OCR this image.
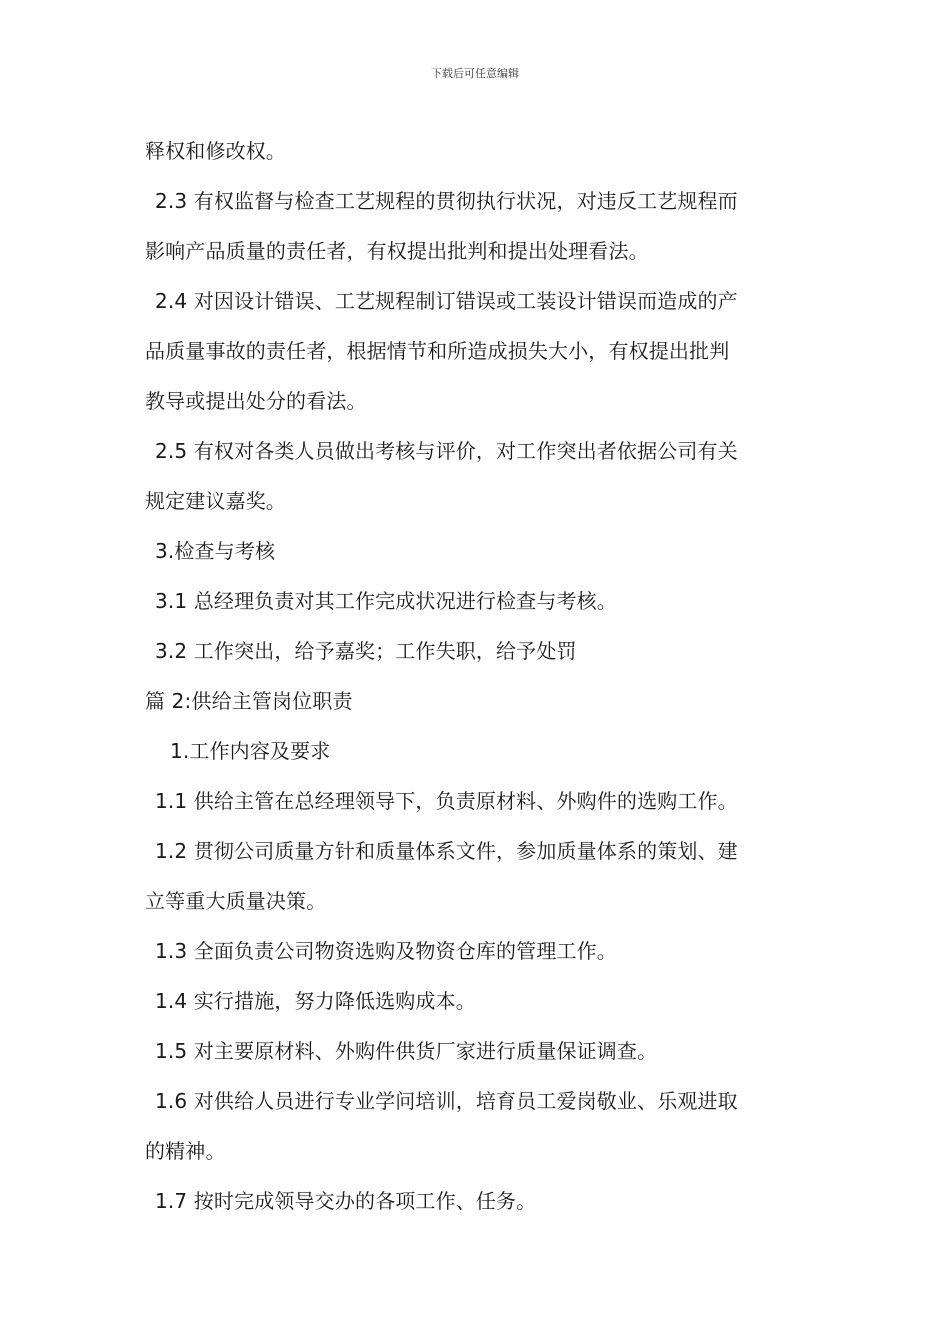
下载后可任意编辑
释权和修改权。
2.3 有权监督与检查工艺规程的贯彻执行状况，对违反工艺规程而
影响产品质量的责任者，有权提出批判和提出处理看法。
2.4 对因设计错误、工艺规程制订错误或工装设计错误而造成的产
品质量事故的责任者，根据情节和所造成损失大小，有权提出批判
教导或提出处分的看法。
2.5 有权对各类人员做出考核与评价，对工作突出者依据公司有关
规定建议嘉奖。
3.检查与考核
3.1 总经理负责对其工作完成状况进行检查与考核。
3.2 工作突出，给予嘉奖；工作失职，给予处罚
篇 2:供给主管岗位职责
1.工作内容及要求
1.1 供给主管在总经理领导下，负责原材料、外购件的选购工作。
1.2 贯彻公司质量方针和质量体系文件，参加质量体系的策划、建
立等重大质量决策。
1.3 全面负责公司物资选购及物资仓库的管理工作。
1.4 实行措施，努力降低选购成本。
1.5 对主要原材料、外购件供货厂家进行质量保证调查。
1.6 对供给人员进行专业学问培训，培育员工爱岗敬业、乐观进取
的精神。
1.7 按时完成领导交办的各项工作、任务。
